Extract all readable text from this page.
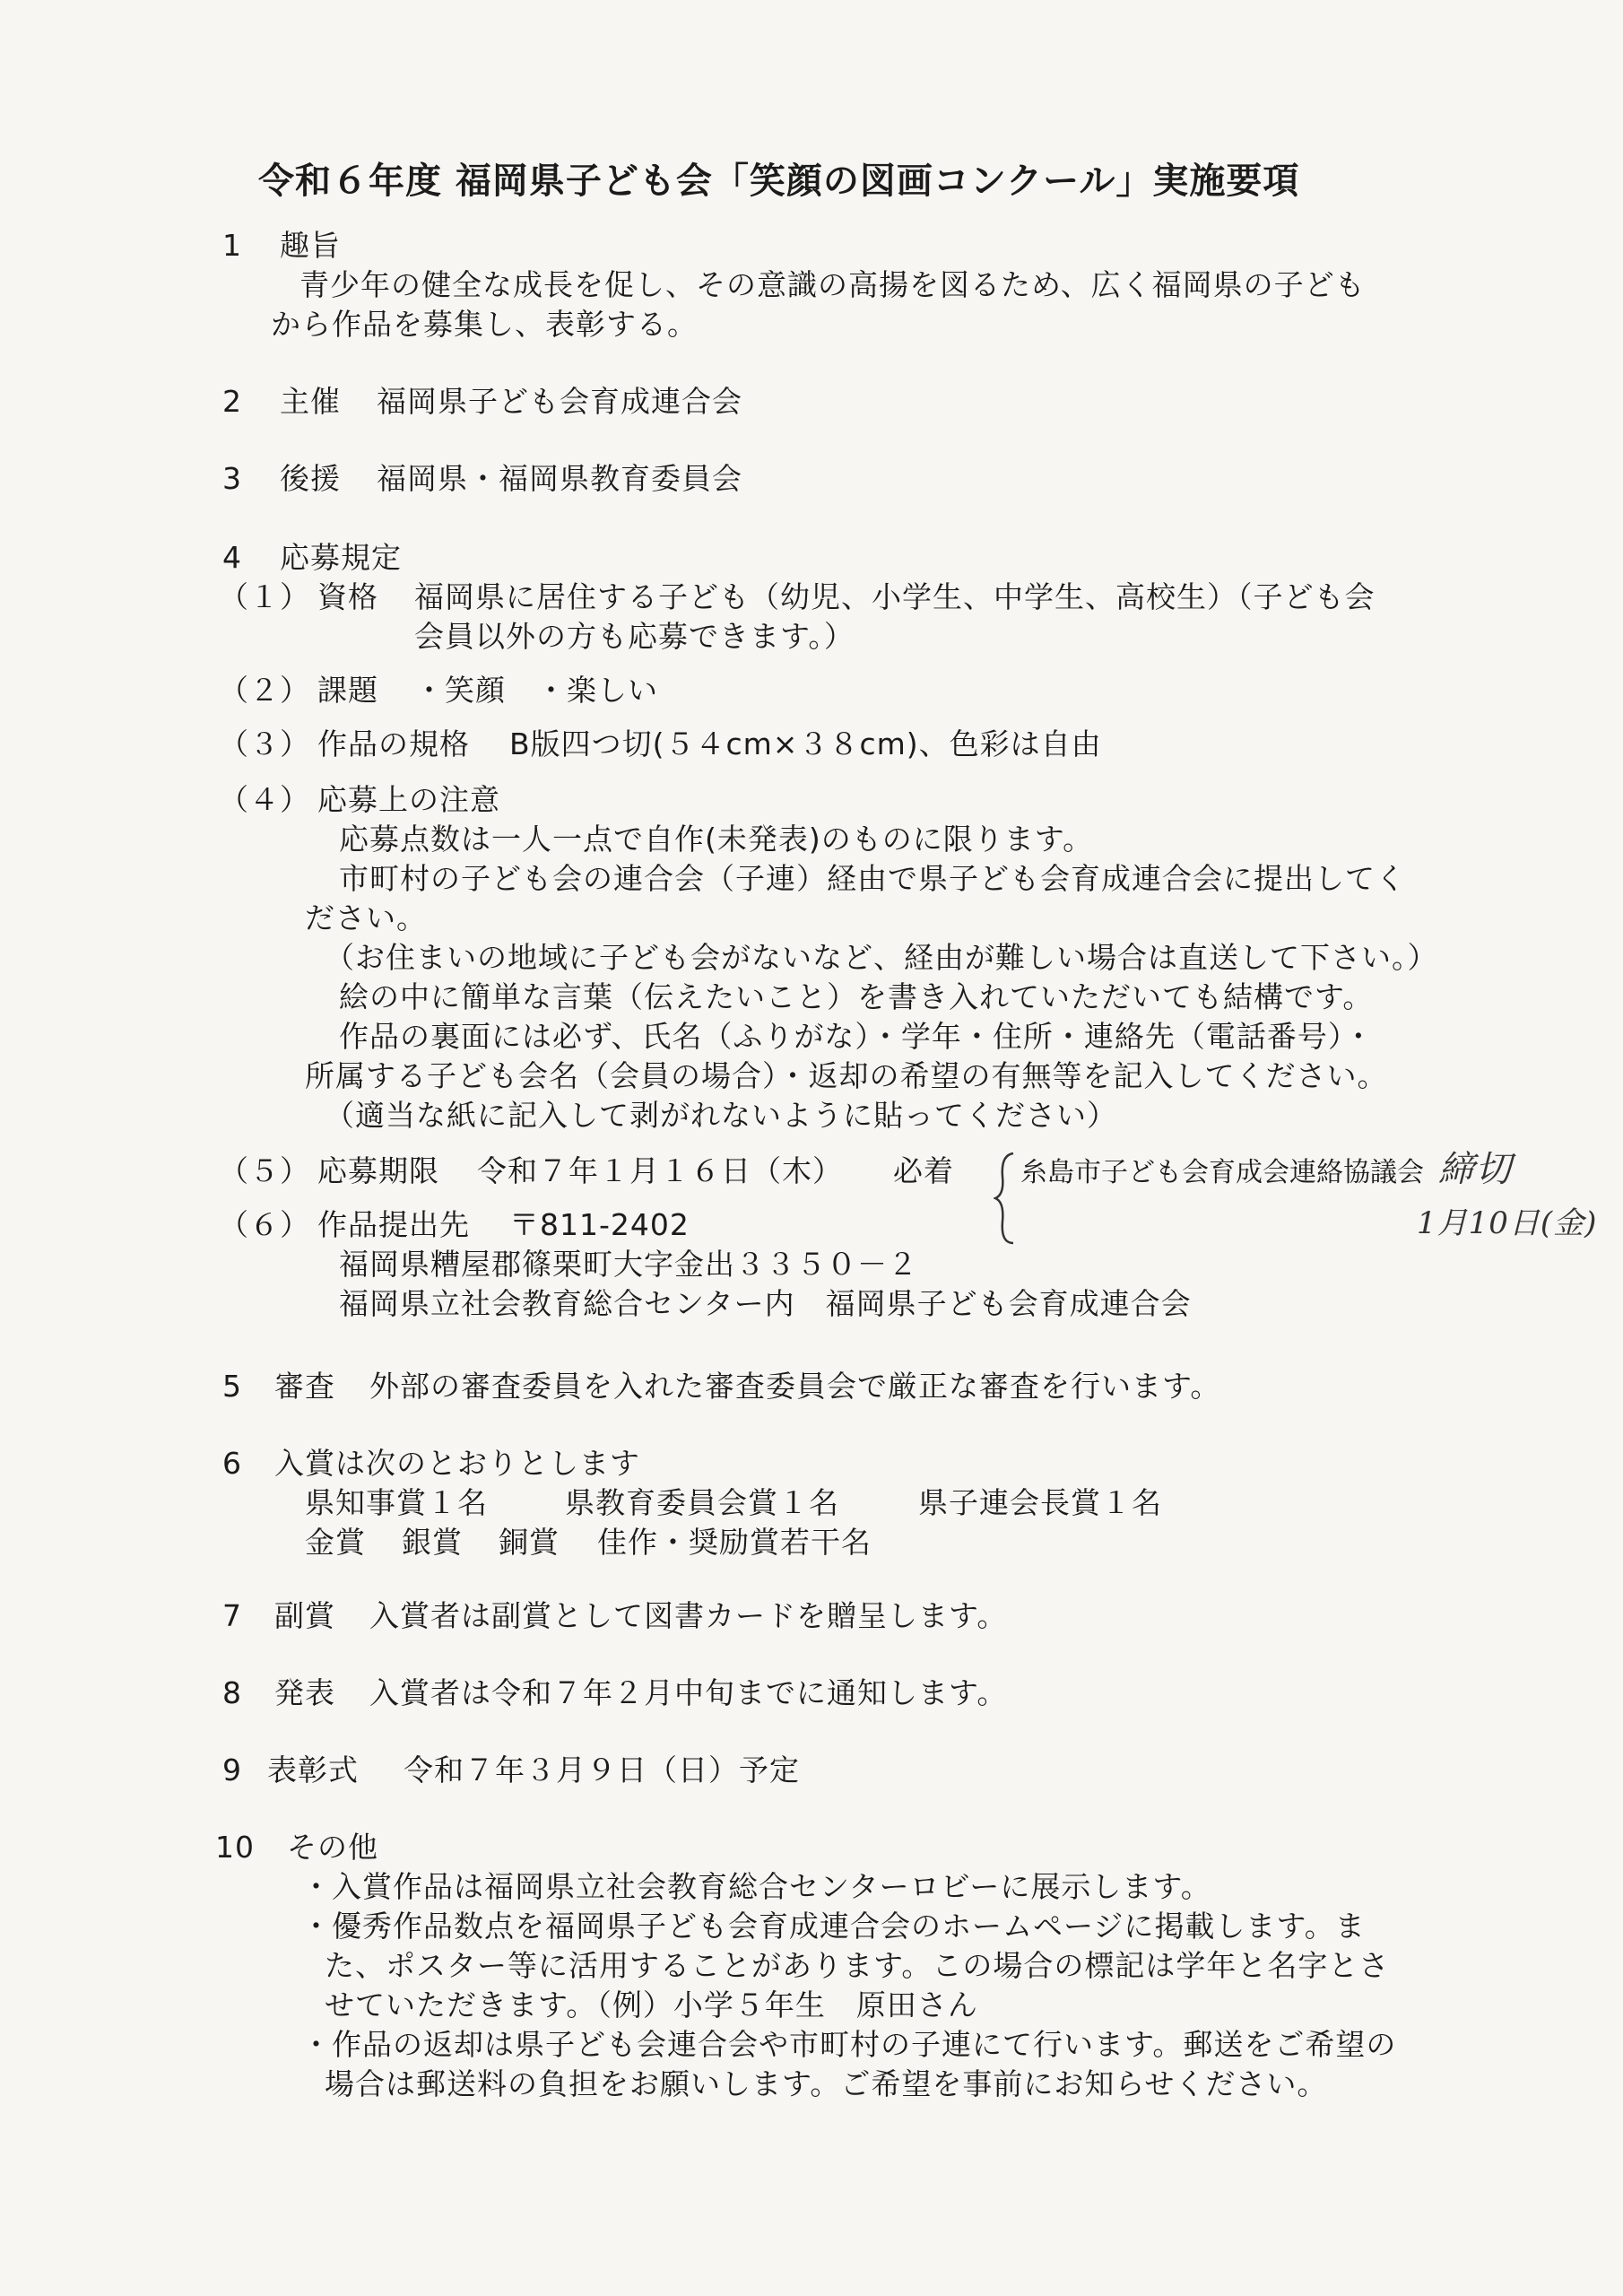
令和６年度 福岡県子ども会「笑顔の図画コンクール」実施要項
1 趣旨
青少年の健全な成長を促し、その意識の高揚を図るため、広く福岡県の子ども
から作品を募集し、表彰する。
2 主催 福岡県子ども会育成連合会
3 後援 福岡県・福岡県教育委員会
4 応募規定
（１） 資格 福岡県に居住する子ども（幼児、小学生、中学生、高校生）（子ども会
会員以外の方も応募できます。）
（２） 課題 ・笑顔 ・楽しい
（３） 作品の規格 B版四つ切(５４cm×３８cm)、色彩は自由
（４） 応募上の注意
応募点数は一人一点で自作(未発表)のものに限ります。
市町村の子ども会の連合会（子連）経由で県子ども会育成連合会に提出してく
ださい。
（お住まいの地域に子ども会がないなど、経由が難しい場合は直送して下さい。）
絵の中に簡単な言葉（伝えたいこと）を書き入れていただいても結構です。
作品の裏面には必ず、氏名（ふりがな）・学年・住所・連絡先（電話番号）・
所属する子ども会名（会員の場合）・返却の希望の有無等を記入してください。
（適当な紙に記入して剥がれないように貼ってください）
（５） 応募期限 令和７年１月１６日（木） 必着
（６） 作品提出先 〒811-2402
福岡県糟屋郡篠栗町大字金出３３５０－２
福岡県立社会教育総合センター内　福岡県子ども会育成連合会
糸島市子ども会育成会連絡協議会 締切
1月10日(金)
5 審査 外部の審査委員を入れた審査委員会で厳正な審査を行います。
6 入賞は次のとおりとします
県知事賞１名	県教育委員会賞１名	県子連会長賞１名
金賞 銀賞 銅賞 佳作・奨励賞若干名
7 副賞 入賞者は副賞として図書カードを贈呈します。
8 発表 入賞者は令和７年２月中旬までに通知します。
9 表彰式 令和７年３月９日（日）予定
10 その他
・入賞作品は福岡県立社会教育総合センターロビーに展示します。
・優秀作品数点を福岡県子ども会育成連合会のホームページに掲載します。ま
た、ポスター等に活用することがあります。この場合の標記は学年と名字とさ
せていただきます。（例）小学５年生　原田さん
・作品の返却は県子ども会連合会や市町村の子連にて行います。郵送をご希望の
場合は郵送料の負担をお願いします。ご希望を事前にお知らせください。
